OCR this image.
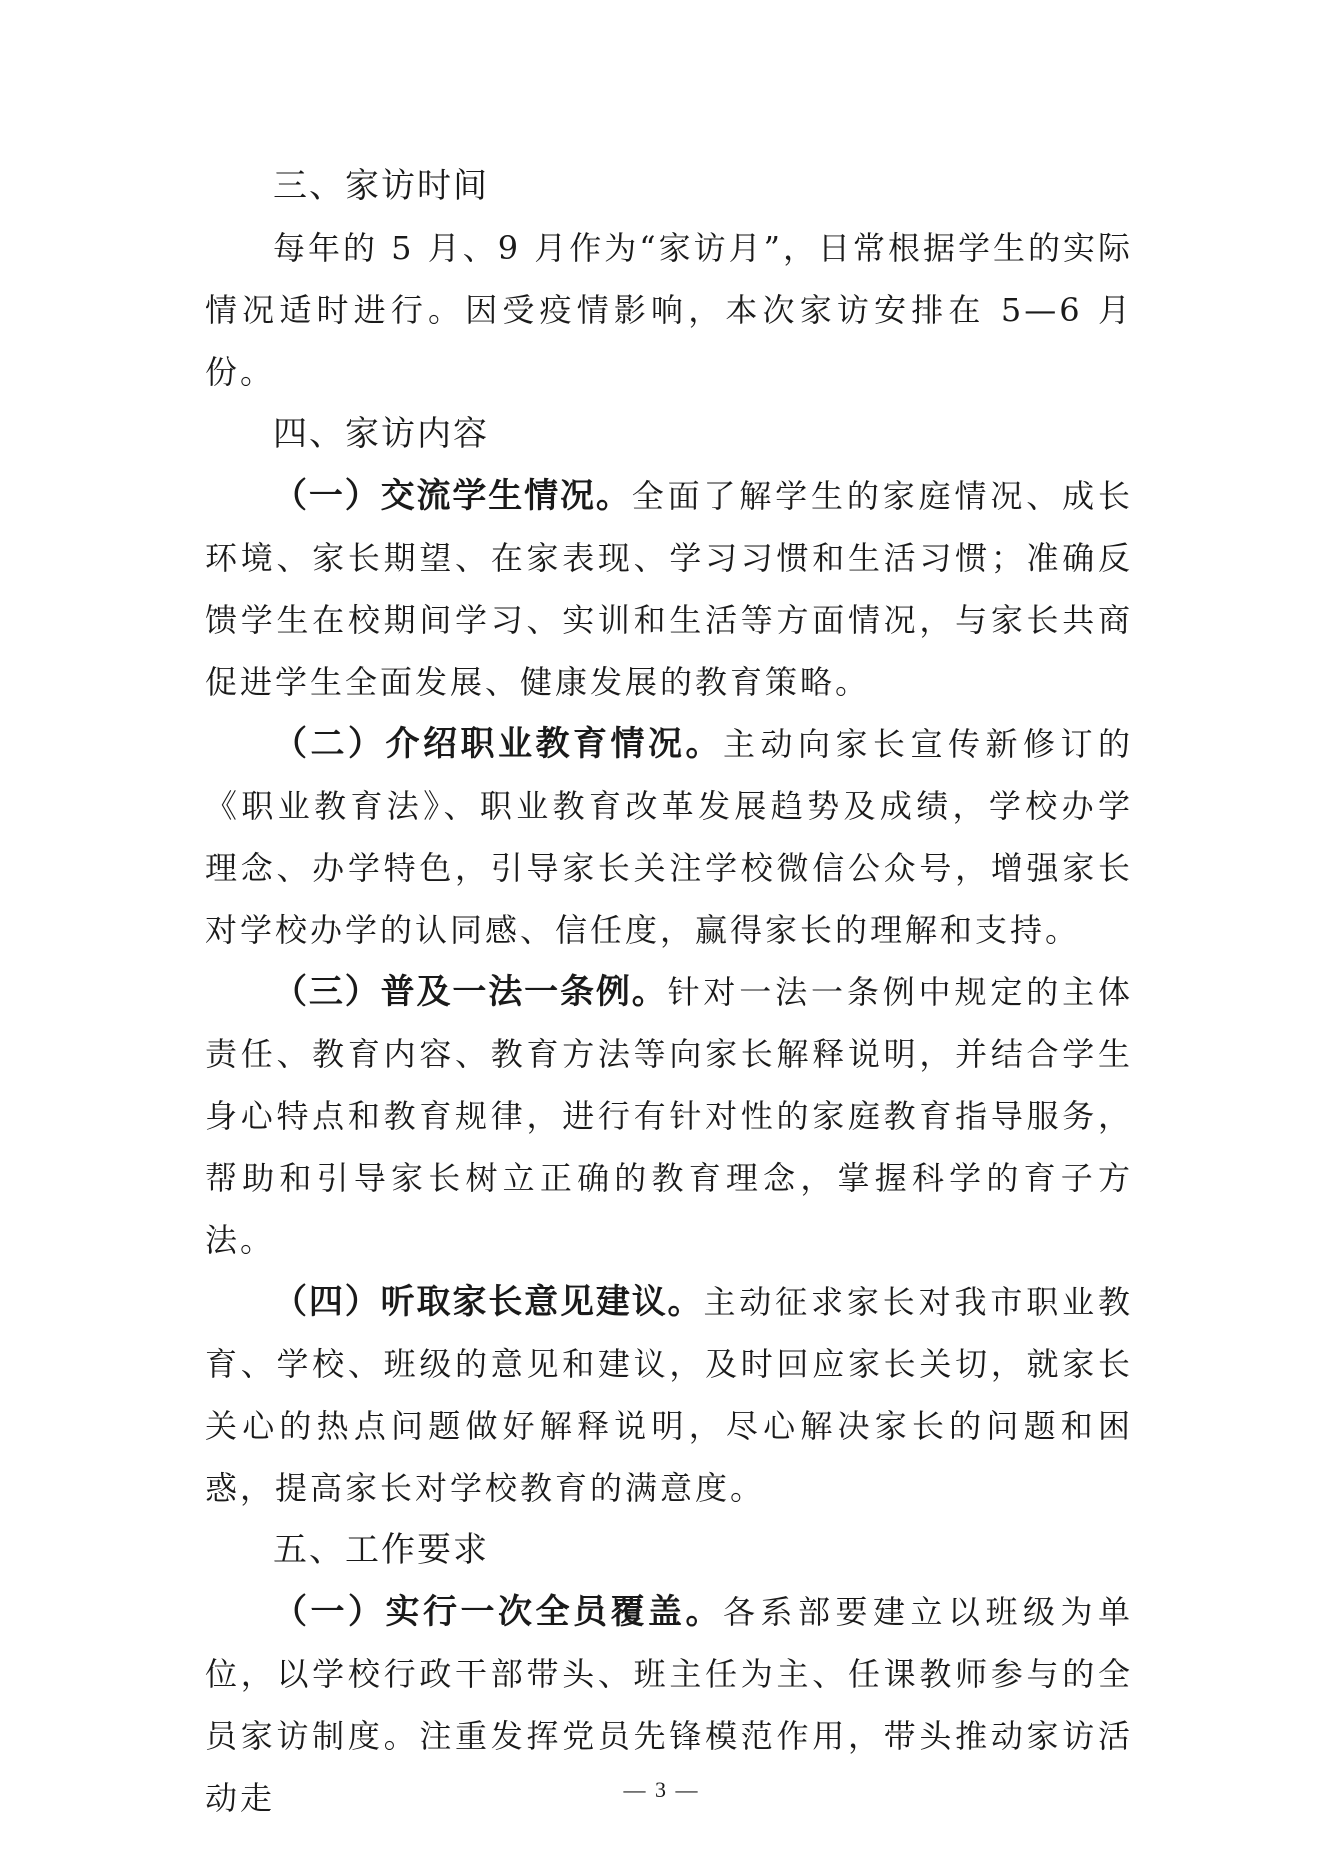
三、家访时间

每年的 5 月、9 月作为“家访月”，日常根据学生的实际情况适时进行。因受疫情影响，本次家访安排在 5—6 月份。

四、家访内容

（一）交流学生情况。全面了解学生的家庭情况、成长环境、家长期望、在家表现、学习习惯和生活习惯；准确反馈学生在校期间学习、实训和生活等方面情况，与家长共商促进学生全面发展、健康发展的教育策略。

（二）介绍职业教育情况。主动向家长宣传新修订的《职业教育法》、职业教育改革发展趋势及成绩，学校办学理念、办学特色，引导家长关注学校微信公众号，增强家长对学校办学的认同感、信任度，赢得家长的理解和支持。

（三）普及一法一条例。针对一法一条例中规定的主体责任、教育内容、教育方法等向家长解释说明，并结合学生身心特点和教育规律，进行有针对性的家庭教育指导服务，帮助和引导家长树立正确的教育理念，掌握科学的育子方法。

（四）听取家长意见建议。主动征求家长对我市职业教育、学校、班级的意见和建议，及时回应家长关切，就家长关心的热点问题做好解释说明，尽心解决家长的问题和困惑，提高家长对学校教育的满意度。

五、工作要求

（一）实行一次全员覆盖。各系部要建立以班级为单位，以学校行政干部带头、班主任为主、任课教师参与的全员家访制度。注重发挥党员先锋模范作用，带头推动家访活动走	— 3 —
